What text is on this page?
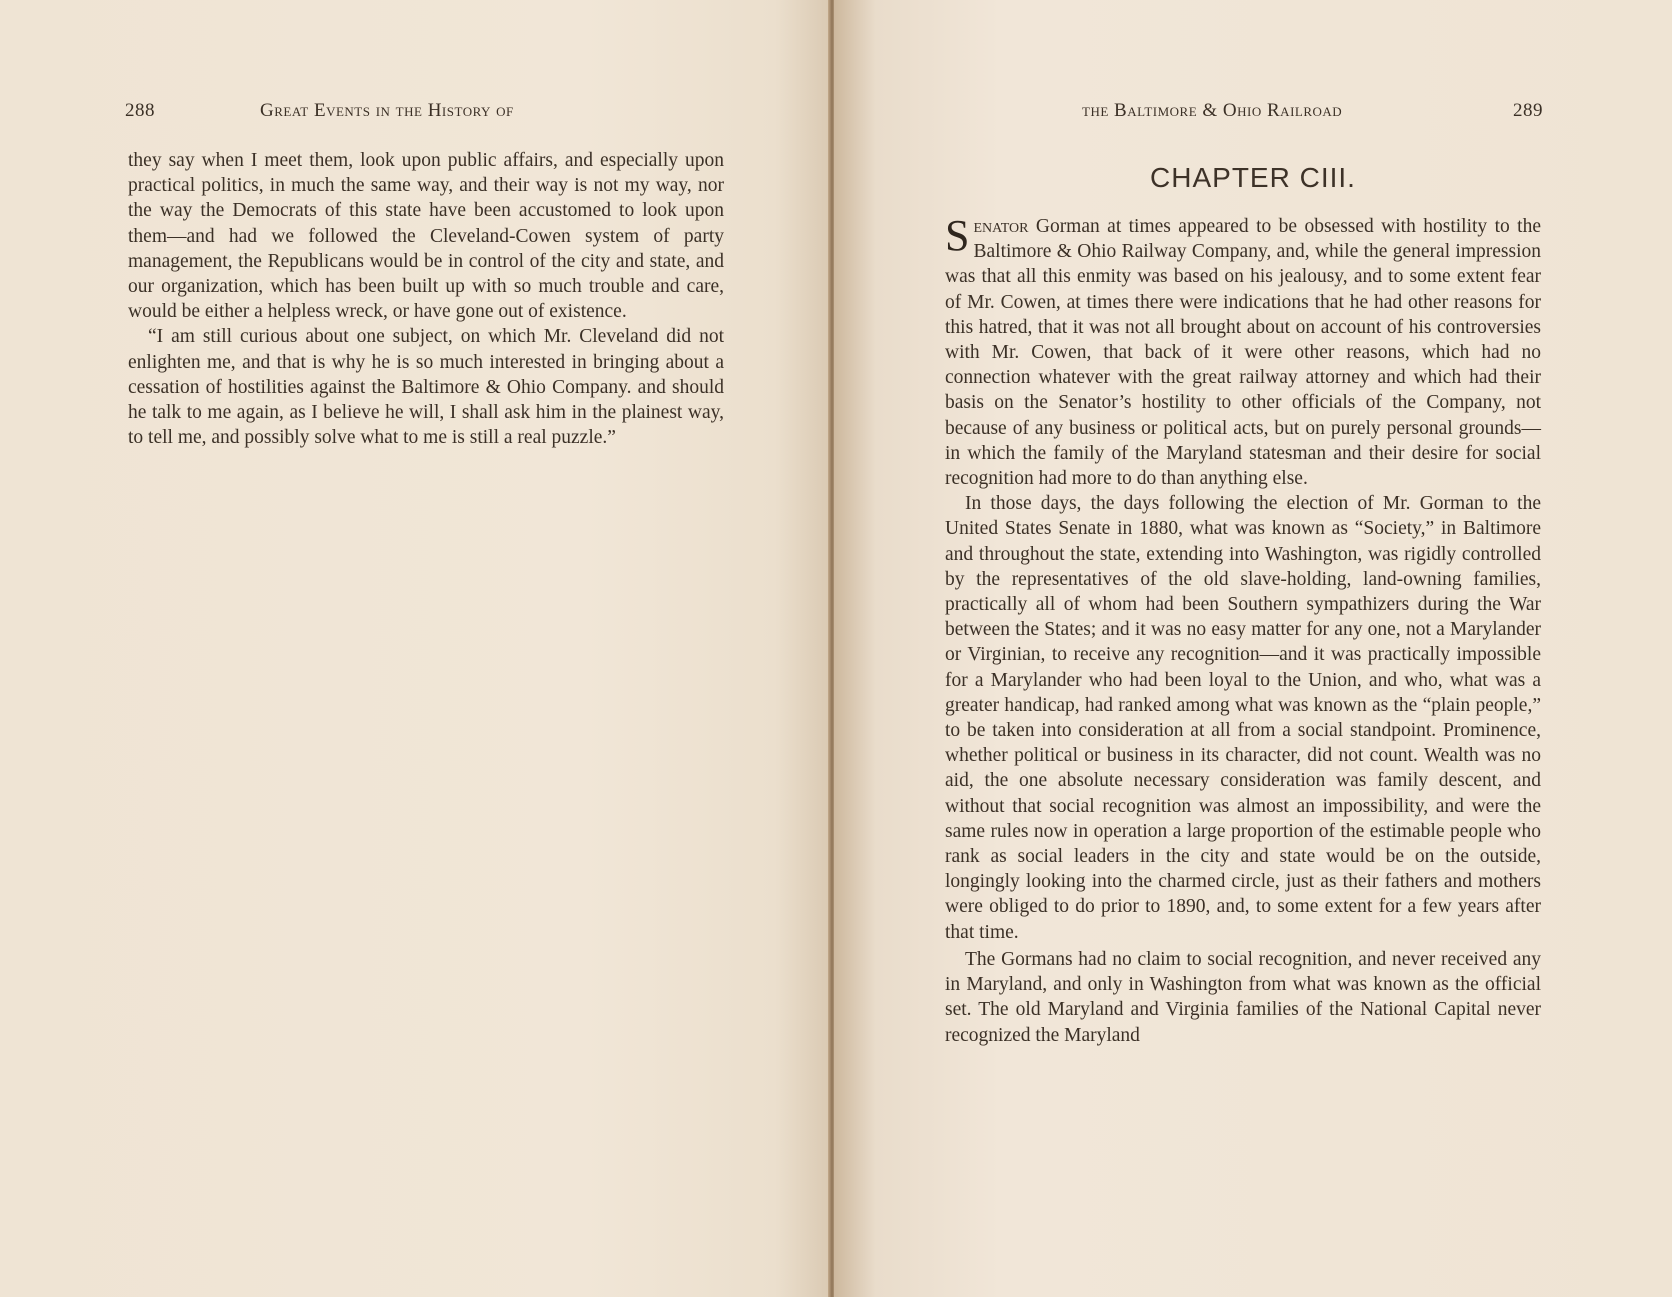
288	Great Events in the History of

they say when I meet them, look upon public affairs, and especially upon practical politics, in much the same way, and their way is not my way, nor the way the Democrats of this state have been accustomed to look upon them—and had we followed the Cleveland-Cowen system of party management, the Republicans would be in control of the city and state, and our organization, which has been built up with so much trouble and care, would be either a helpless wreck, or have gone out of existence.

“I am still curious about one subject, on which Mr. Cleveland did not enlighten me, and that is why he is so much interested in bringing about a cessation of hostilities against the Baltimore & Ohio Company. and should he talk to me again, as I believe he will, I shall ask him in the plainest way, to tell me, and possibly solve what to me is still a real puzzle.”

the Baltimore & Ohio Railroad	289
CHAPTER CIII.

Senator Gorman at times appeared to be obsessed with hostility to the Baltimore & Ohio Railway Company, and, while the general impression was that all this enmity was based on his jealousy, and to some extent fear of Mr. Cowen, at times there were indications that he had other reasons for this hatred, that it was not all brought about on account of his controversies with Mr. Cowen, that back of it were other reasons, which had no connection whatever with the great railway attorney and which had their basis on the Senator’s hostility to other officials of the Company, not because of any business or political acts, but on purely personal grounds—in which the family of the Maryland statesman and their desire for social recognition had more to do than anything else.

In those days, the days following the election of Mr. Gorman to the United States Senate in 1880, what was known as “Society,” in Baltimore and throughout the state, extending into Washington, was rigidly controlled by the representatives of the old slave-holding, land-owning families, practically all of whom had been Southern sympathizers during the War between the States; and it was no easy matter for any one, not a Marylander or Virginian, to receive any recognition—and it was practically impossible for a Marylander who had been loyal to the Union, and who, what was a greater handicap, had ranked among what was known as the “plain people,” to be taken into consideration at all from a social standpoint. Prominence, whether political or business in its character, did not count. Wealth was no aid, the one absolute necessary consideration was family descent, and without that social recognition was almost an impossibility, and were the same rules now in operation a large proportion of the estimable people who rank as social leaders in the city and state would be on the outside, longingly looking into the charmed circle, just as their fathers and mothers were obliged to do prior to 1890, and, to some extent for a few years after that time.

The Gormans had no claim to social recognition, and never received any in Maryland, and only in Washington from what was known as the official set. The old Maryland and Virginia families of the National Capital never recognized the Maryland
